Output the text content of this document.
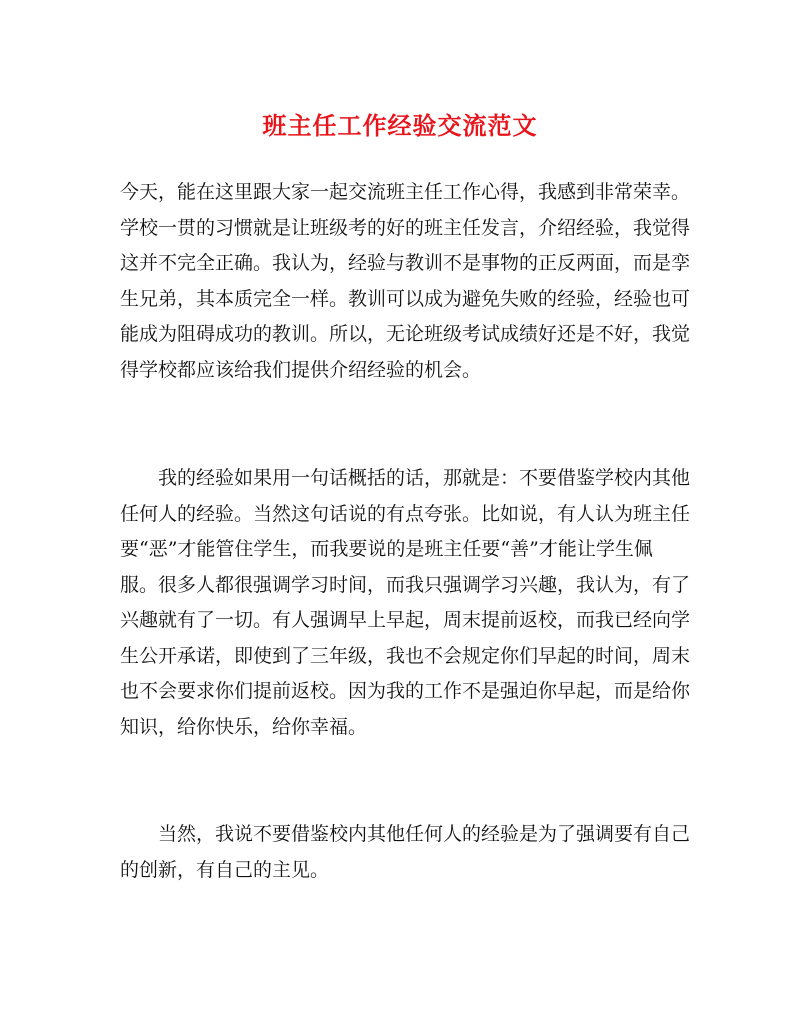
班主任工作经验交流范文
今天，能在这里跟大家一起交流班主任工作心得，我感到非常荣幸。
学校一贯的习惯就是让班级考的好的班主任发言，介绍经验，我觉得
这并不完全正确。我认为，经验与教训不是事物的正反两面，而是孪
生兄弟，其本质完全一样。教训可以成为避免失败的经验，经验也可
能成为阻碍成功的教训。所以，无论班级考试成绩好还是不好，我觉
得学校都应该给我们提供介绍经验的机会。
　　我的经验如果用一句话概括的话，那就是：不要借鉴学校内其他
任何人的经验。当然这句话说的有点夸张。比如说，有人认为班主任
要“恶”才能管住学生，而我要说的是班主任要“善”才能让学生佩
服。很多人都很强调学习时间，而我只强调学习兴趣，我认为，有了
兴趣就有了一切。有人强调早上早起，周末提前返校，而我已经向学
生公开承诺，即使到了三年级，我也不会规定你们早起的时间，周末
也不会要求你们提前返校。因为我的工作不是强迫你早起，而是给你
知识，给你快乐，给你幸福。
　　当然，我说不要借鉴校内其他任何人的经验是为了强调要有自己
的创新，有自己的主见。
